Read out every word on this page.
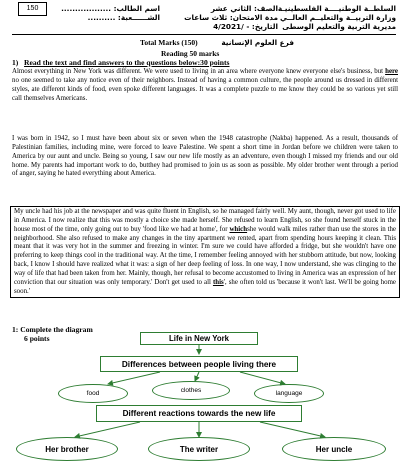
150	السلطــة الوطنيــــة الفلسطينيـة
وزارة التربيــة والتعليــم العالــي
مديرية التربية والتعليم الوسطى
الصف: الثاني عشر
مدة الامتحان: ثلاث ساعات
التاريخ: - /4/2021
اسم الطالب: ..................
الشــــــعبة: ..........
Total Marks (150)	فرع العلوم الإنسانية
Reading 50 marks
1) Read the text and find answers to the questions below:30 points
Almost everything in New York was different. We were used to living in an area where everyone knew everyone else's business, but here no one seemed to take any notice even of their neighbors. Instead of having a common culture, the people around us dressed in different styles, ate different kinds of food, even spoke different languages. It was a complete puzzle to me know they could be so various yet still call themselves Americans.
I was born in 1942, so I must have been about six or seven when the 1948 catastrophe (Nakba) happened. As a result, thousands of Palestinian families, including mine, were forced to leave Palestine. We spent a short time in Jordan before we children were taken to America by our aunt and uncle. Being so young, I saw our new life mostly as an adventure, even though I missed my friends and our old home. My parents had important work to do, butthey had promised to join us as soon as possible. My older brother went through a period of anger, saying he hated everything about America.
My uncle had his job at the newspaper and was quite fluent in English, so he managed fairly well. My aunt, though, never got used to life in America. I now realize that this was mostly a choice she made herself. She refused to learn English, so she found herself stuck in the house most of the time, only going out to buy 'food like we had at home', for whichshe would walk miles rather than use the stores in the neighborhood. She also refused to make any changes in the tiny apartment we rented, apart from spending hours keeping it clean. This meant that it was very hot in the summer and freezing in winter. I'm sure we could have afforded a fridge, but she wouldn't have one preferring to keep things cool in the traditional way. At the time, I remember feeling annoyed with her stubborn attitude, but now, looking back, I know I should have realized what it was: a sign of her deep feeling of loss. In one way, I now understand, she was clinging to the way of life that had been taken from her. Mainly, though, her refusal to become accustomed to living in America was an expression of her conviction that our situation was only temporary.' Don't get used to all this', she often told us 'because it won't last. We'll be going home soon.'
1: Complete the diagram
6 points	Life in New York
Differences between people living there
food	clothes	language
Different reactions towards the new life
Her brother	The writer	Her uncle
